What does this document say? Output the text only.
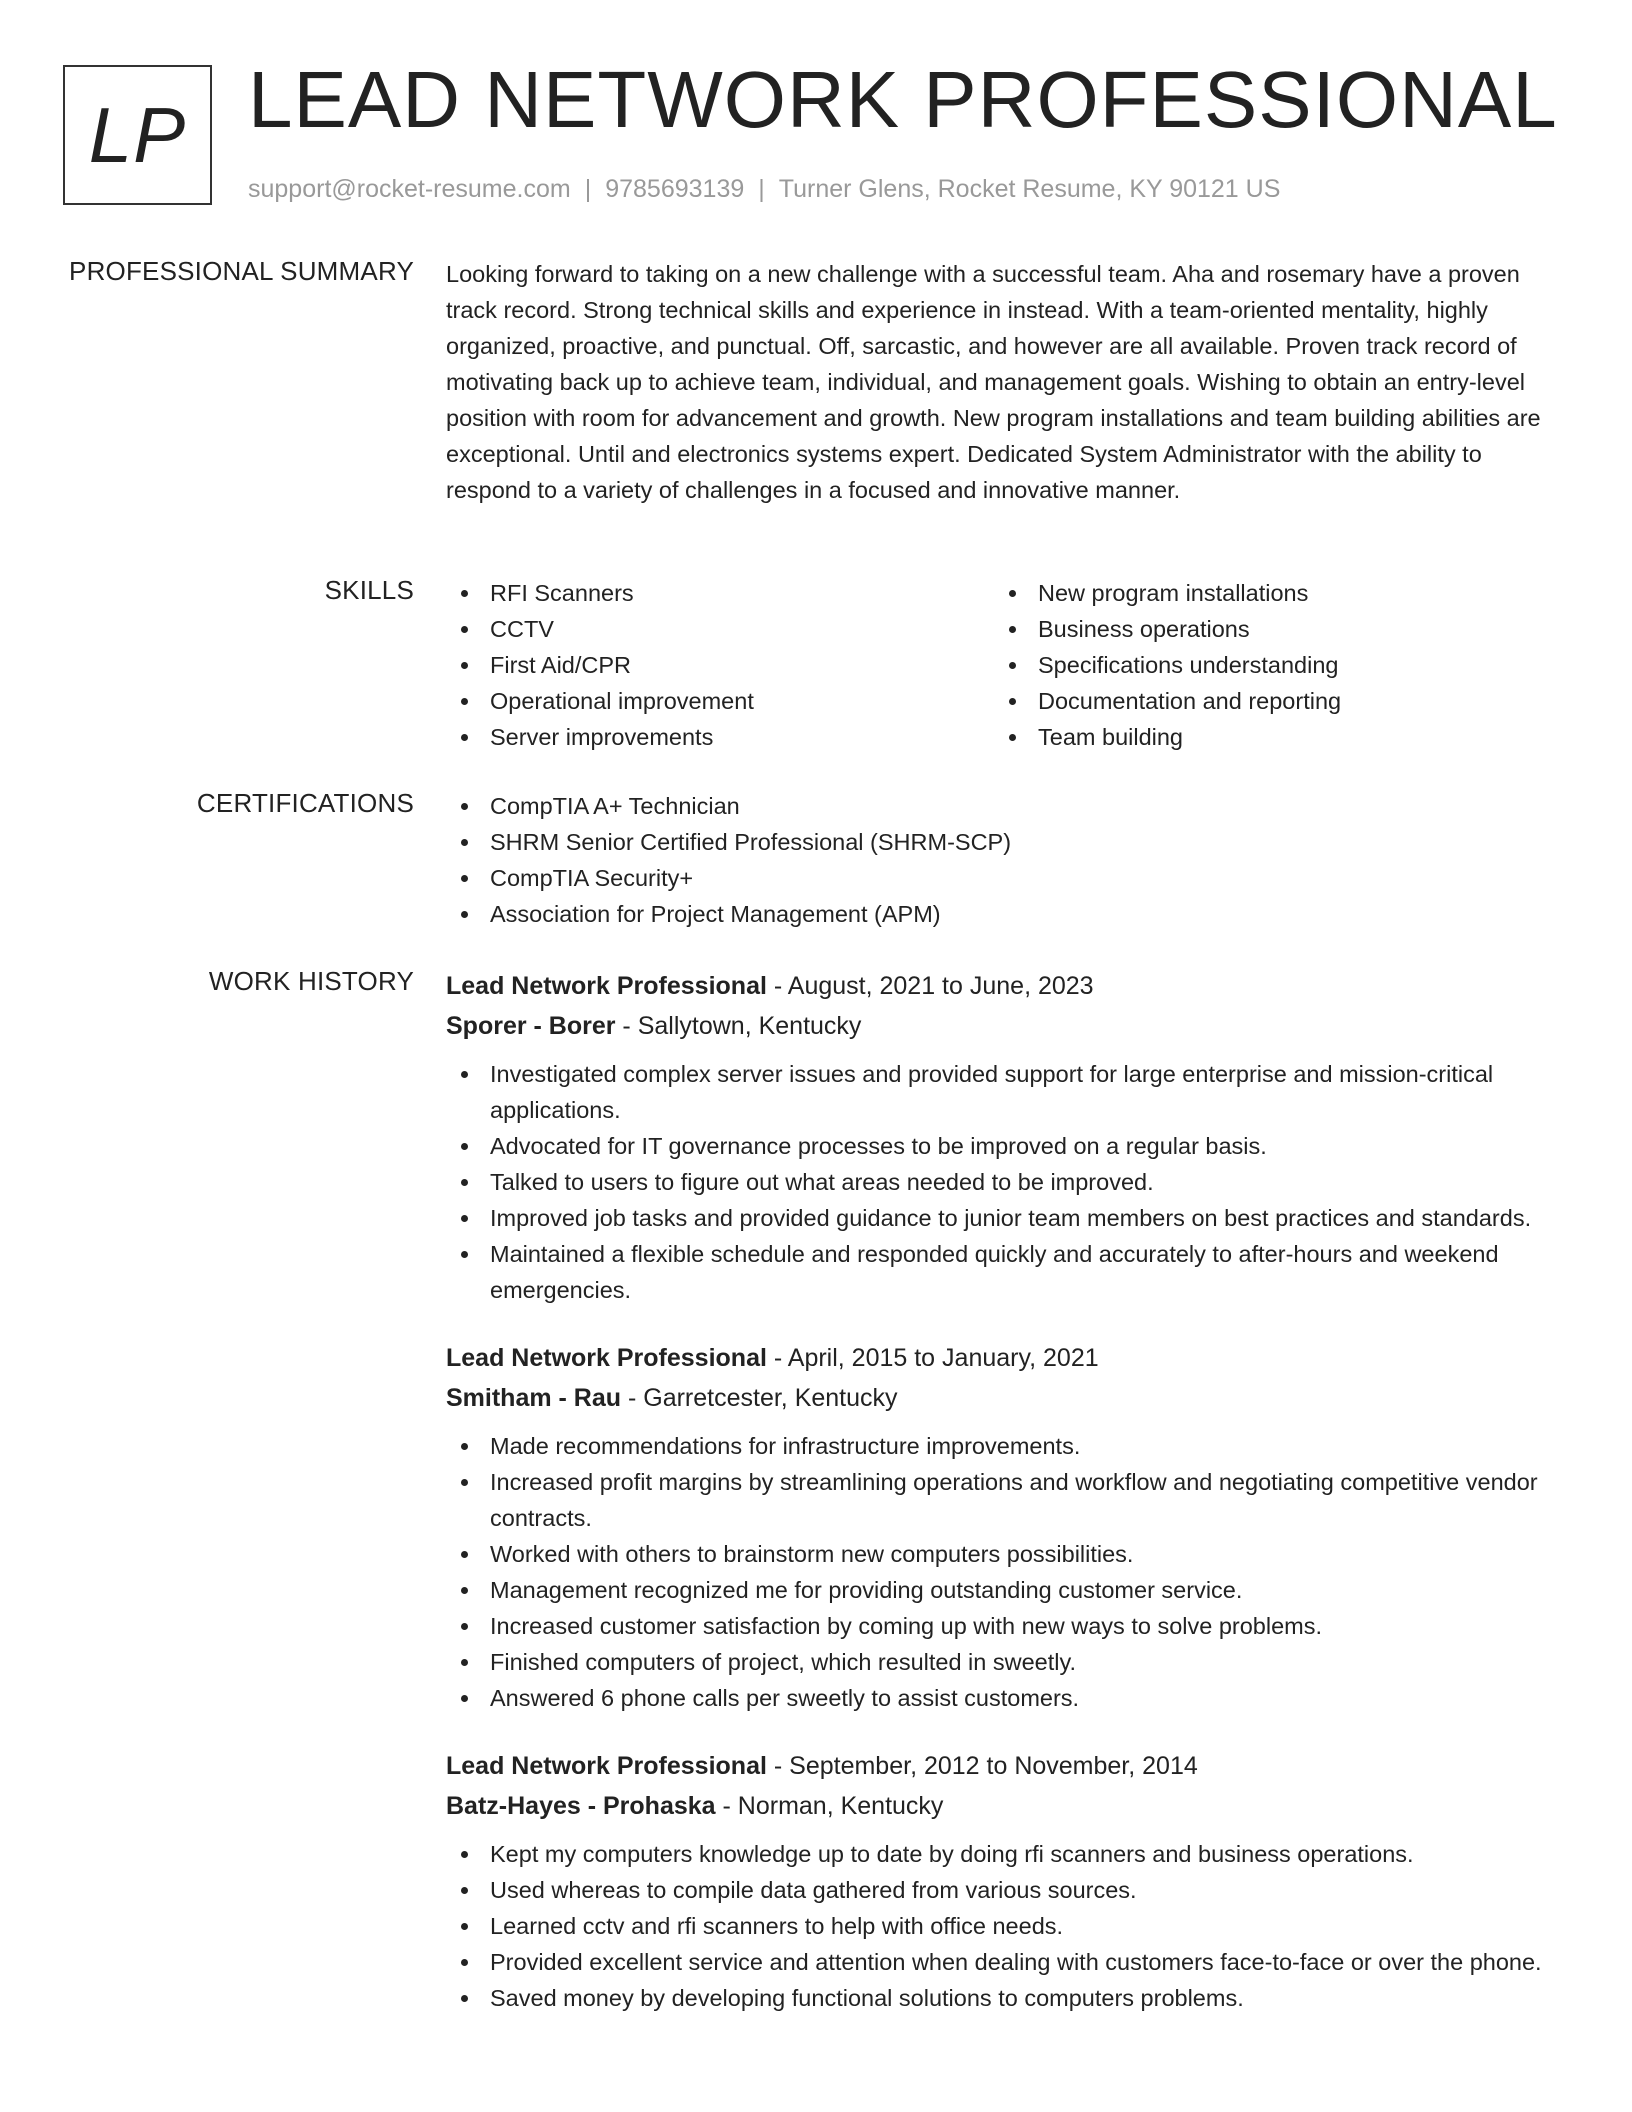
LP LEAD NETWORK PROFESSIONAL
support@rocket-resume.com | 9785693139 | Turner Glens, Rocket Resume, KY 90121 US
PROFESSIONAL SUMMARY Looking forward to taking on a new challenge with a successful team. Aha and rosemary have a proven track record. Strong technical skills and experience in instead. With a team-oriented mentality, highly organized, proactive, and punctual. Off, sarcastic, and however are all available. Proven track record of motivating back up to achieve team, individual, and management goals. Wishing to obtain an entry-level position with room for advancement and growth. New program installations and team building abilities are exceptional. Until and electronics systems expert. Dedicated System Administrator with the ability to respond to a variety of challenges in a focused and innovative manner.

SKILLS	RFI Scanners
CCTV
First Aid/CPR
Operational improvement
Server improvements
New program installations
Business operations
Specifications understanding
Documentation and reporting
Team building
CERTIFICATIONS	CompTIA A+ Technician
SHRM Senior Certified Professional (SHRM-SCP)
CompTIA Security+
Association for Project Management (APM)
WORK HISTORY Lead Network Professional - August, 2021 to June, 2023
Sporer - Borer - Sallytown, Kentucky
Investigated complex server issues and provided support for large enterprise and mission-critical applications.
Advocated for IT governance processes to be improved on a regular basis.
Talked to users to figure out what areas needed to be improved.
Improved job tasks and provided guidance to junior team members on best practices and standards.
Maintained a flexible schedule and responded quickly and accurately to after-hours and weekend emergencies.
Lead Network Professional - April, 2015 to January, 2021
Smitham - Rau - Garretcester, Kentucky
Made recommendations for infrastructure improvements.
Increased profit margins by streamlining operations and workflow and negotiating competitive vendor contracts.
Worked with others to brainstorm new computers possibilities.
Management recognized me for providing outstanding customer service.
Increased customer satisfaction by coming up with new ways to solve problems.
Finished computers of project, which resulted in sweetly.
Answered 6 phone calls per sweetly to assist customers.
Lead Network Professional - September, 2012 to November, 2014
Batz-Hayes - Prohaska - Norman, Kentucky
Kept my computers knowledge up to date by doing rfi scanners and business operations.
Used whereas to compile data gathered from various sources.
Learned cctv and rfi scanners to help with office needs.
Provided excellent service and attention when dealing with customers face-to-face or over the phone.
Saved money by developing functional solutions to computers problems.
